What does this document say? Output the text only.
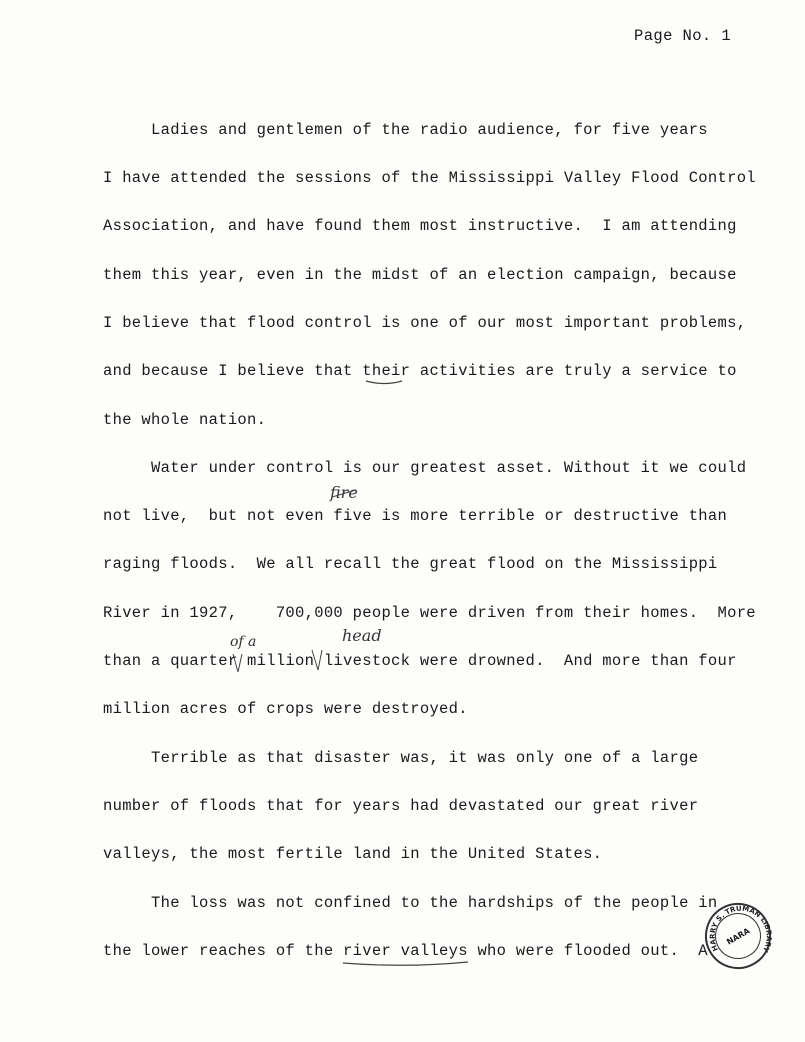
Page No. 1
Ladies and gentlemen of the radio audience, for five years
I have attended the sessions of the Mississippi Valley Flood Control
Association, and have found them most instructive.  I am attending
them this year, even in the midst of an election campaign, because
I believe that flood control is one of our most important problems,
and because I believe that their activities are truly a service to
the whole nation.
Water under control is our greatest asset. Without it we could
not live,  but not even five is more terrible or destructive than
raging floods.  We all recall the great flood on the Mississippi
River in 1927,    700,000 people were driven from their homes.  More
than a quarter million livestock were drowned.  And more than four
million acres of crops were destroyed.
Terrible as that disaster was, it was only one of a large
number of floods that for years had devastated our great river
valleys, the most fertile land in the United States.
The loss was not confined to the hardships of the people in
the lower reaches of the river valleys who were flooded out.  A
fire
of a	head
HARRY S. TRUMAN LIBRARY
NARA
